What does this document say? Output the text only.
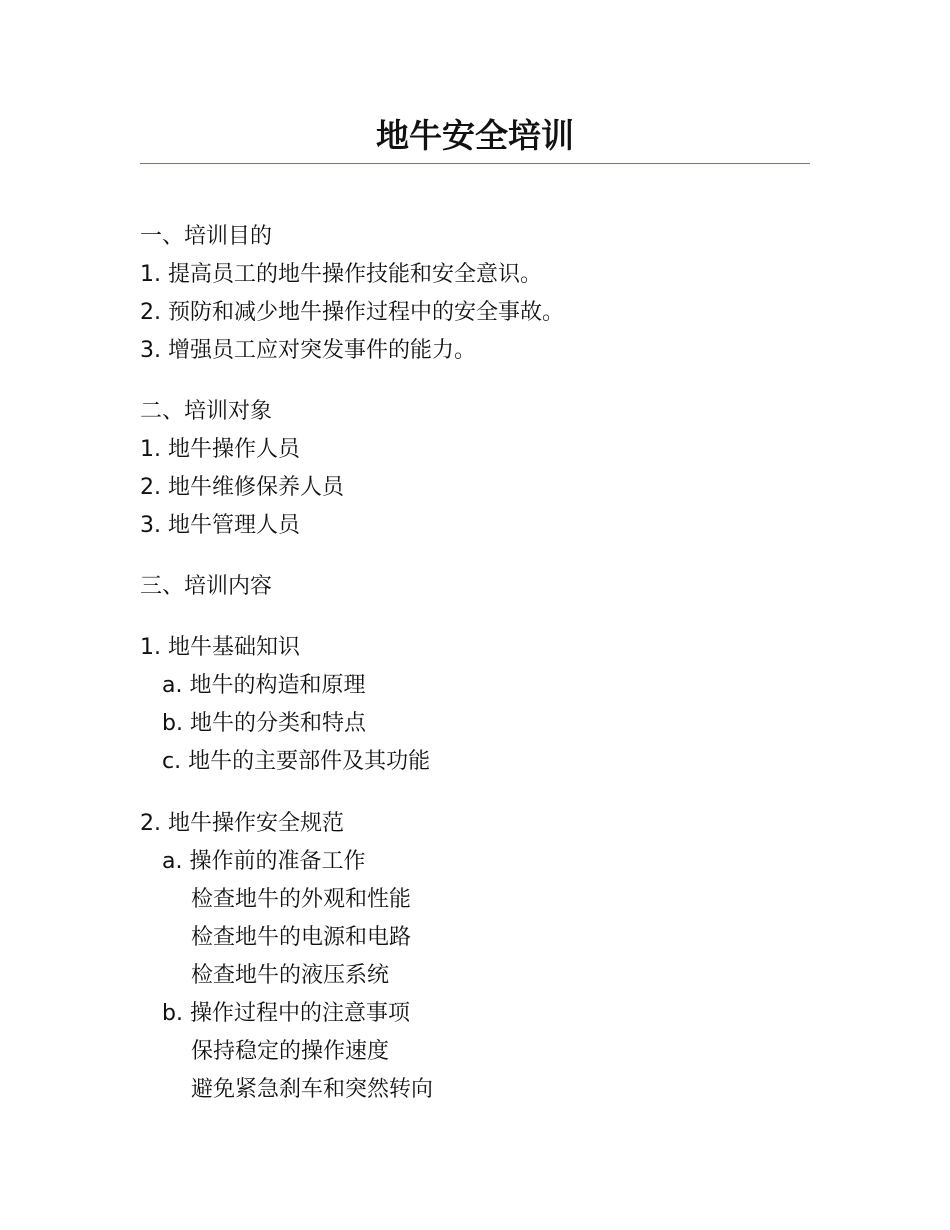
地牛安全培训
一、培训目的
1. 提高员工的地牛操作技能和安全意识。
2. 预防和减少地牛操作过程中的安全事故。
3. 增强员工应对突发事件的能力。
二、培训对象
1. 地牛操作人员
2. 地牛维修保养人员
3. 地牛管理人员
三、培训内容
1. 地牛基础知识
a. 地牛的构造和原理
b. 地牛的分类和特点
c. 地牛的主要部件及其功能
2. 地牛操作安全规范
a. 操作前的准备工作
检查地牛的外观和性能
检查地牛的电源和电路
检查地牛的液压系统
b. 操作过程中的注意事项
保持稳定的操作速度
避免紧急刹车和突然转向
